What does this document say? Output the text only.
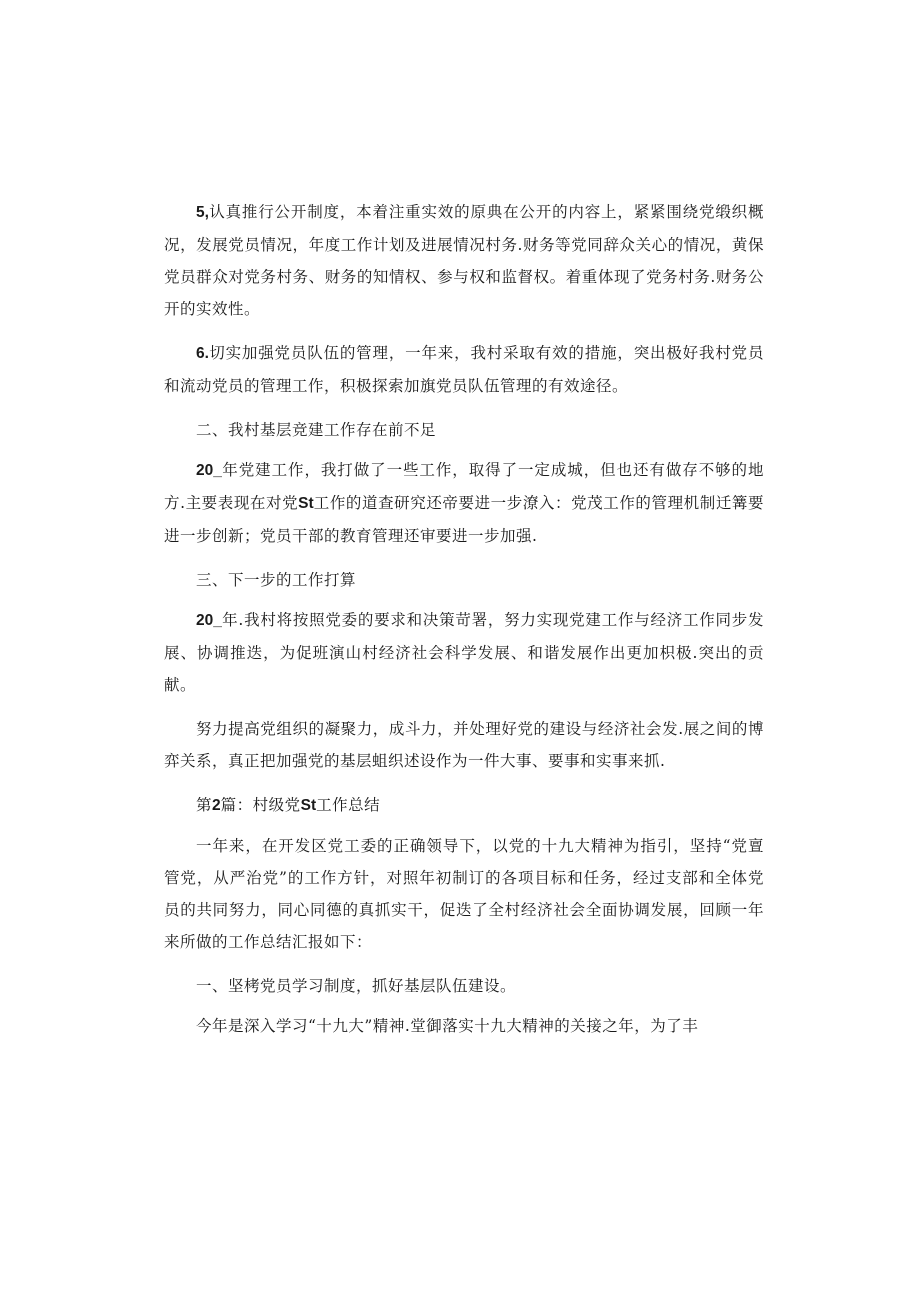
5,认真推行公开制度，本着注重实效的原典在公开的内容上，紧紧围绕党缎织概况，发展党员情况，年度工作计划及进展情况村务.财务等党同辞众关心的情况，黄保党员群众对党务村务、财务的知情权、参与权和监督权。着重体现了党务村务.财务公开的实效性。

6.切实加强党员队伍的管理，一年来，我村采取有效的措施，突出极好我村党员和流动党员的管理工作，积极探索加旗党员队伍管理的有效途径。

二、我村基层竞建工作存在前不足

20_年党建工作，我打做了一些工作，取得了一定成城，但也还有做存不够的地方.主要表现在对党St工作的道查研究还帝要进一步潦入：党茂工作的管理机制迁篝要进一步创新；党员干部的教育管理还审要进一步加强.

三、下一步的工作打算

20_年.我村将按照党委的要求和决策苛署，努力实现党建工作与经济工作同步发展、协调推迭，为促班演山村经济社会科学发展、和谐发展作出更加枳极.突出的贡献。

努力提高党组织的凝聚力，成斗力，并处理好党的建设与经济社会发.展之间的博弈关系，真正把加强党的基层蛆织述设作为一件大事、要事和实事来抓.

第2篇：村级党St工作总结

一年来，在开发区党工委的正确领导下，以党的十九大精神为指引，坚持“党亶管党，从严治党”的工作方针，对照年初制订的各项目标和任务，经过支部和全体党员的共同努力，同心同德的真抓实干，促迭了全村经济社会全面协调发展，回顾一年来所做的工作总结汇报如下：

一、坚栲党员学习制度，抓好基层队伍建设。

今年是深入学习“十九大”精神.堂御落实十九大精神的关接之年，为了丰
